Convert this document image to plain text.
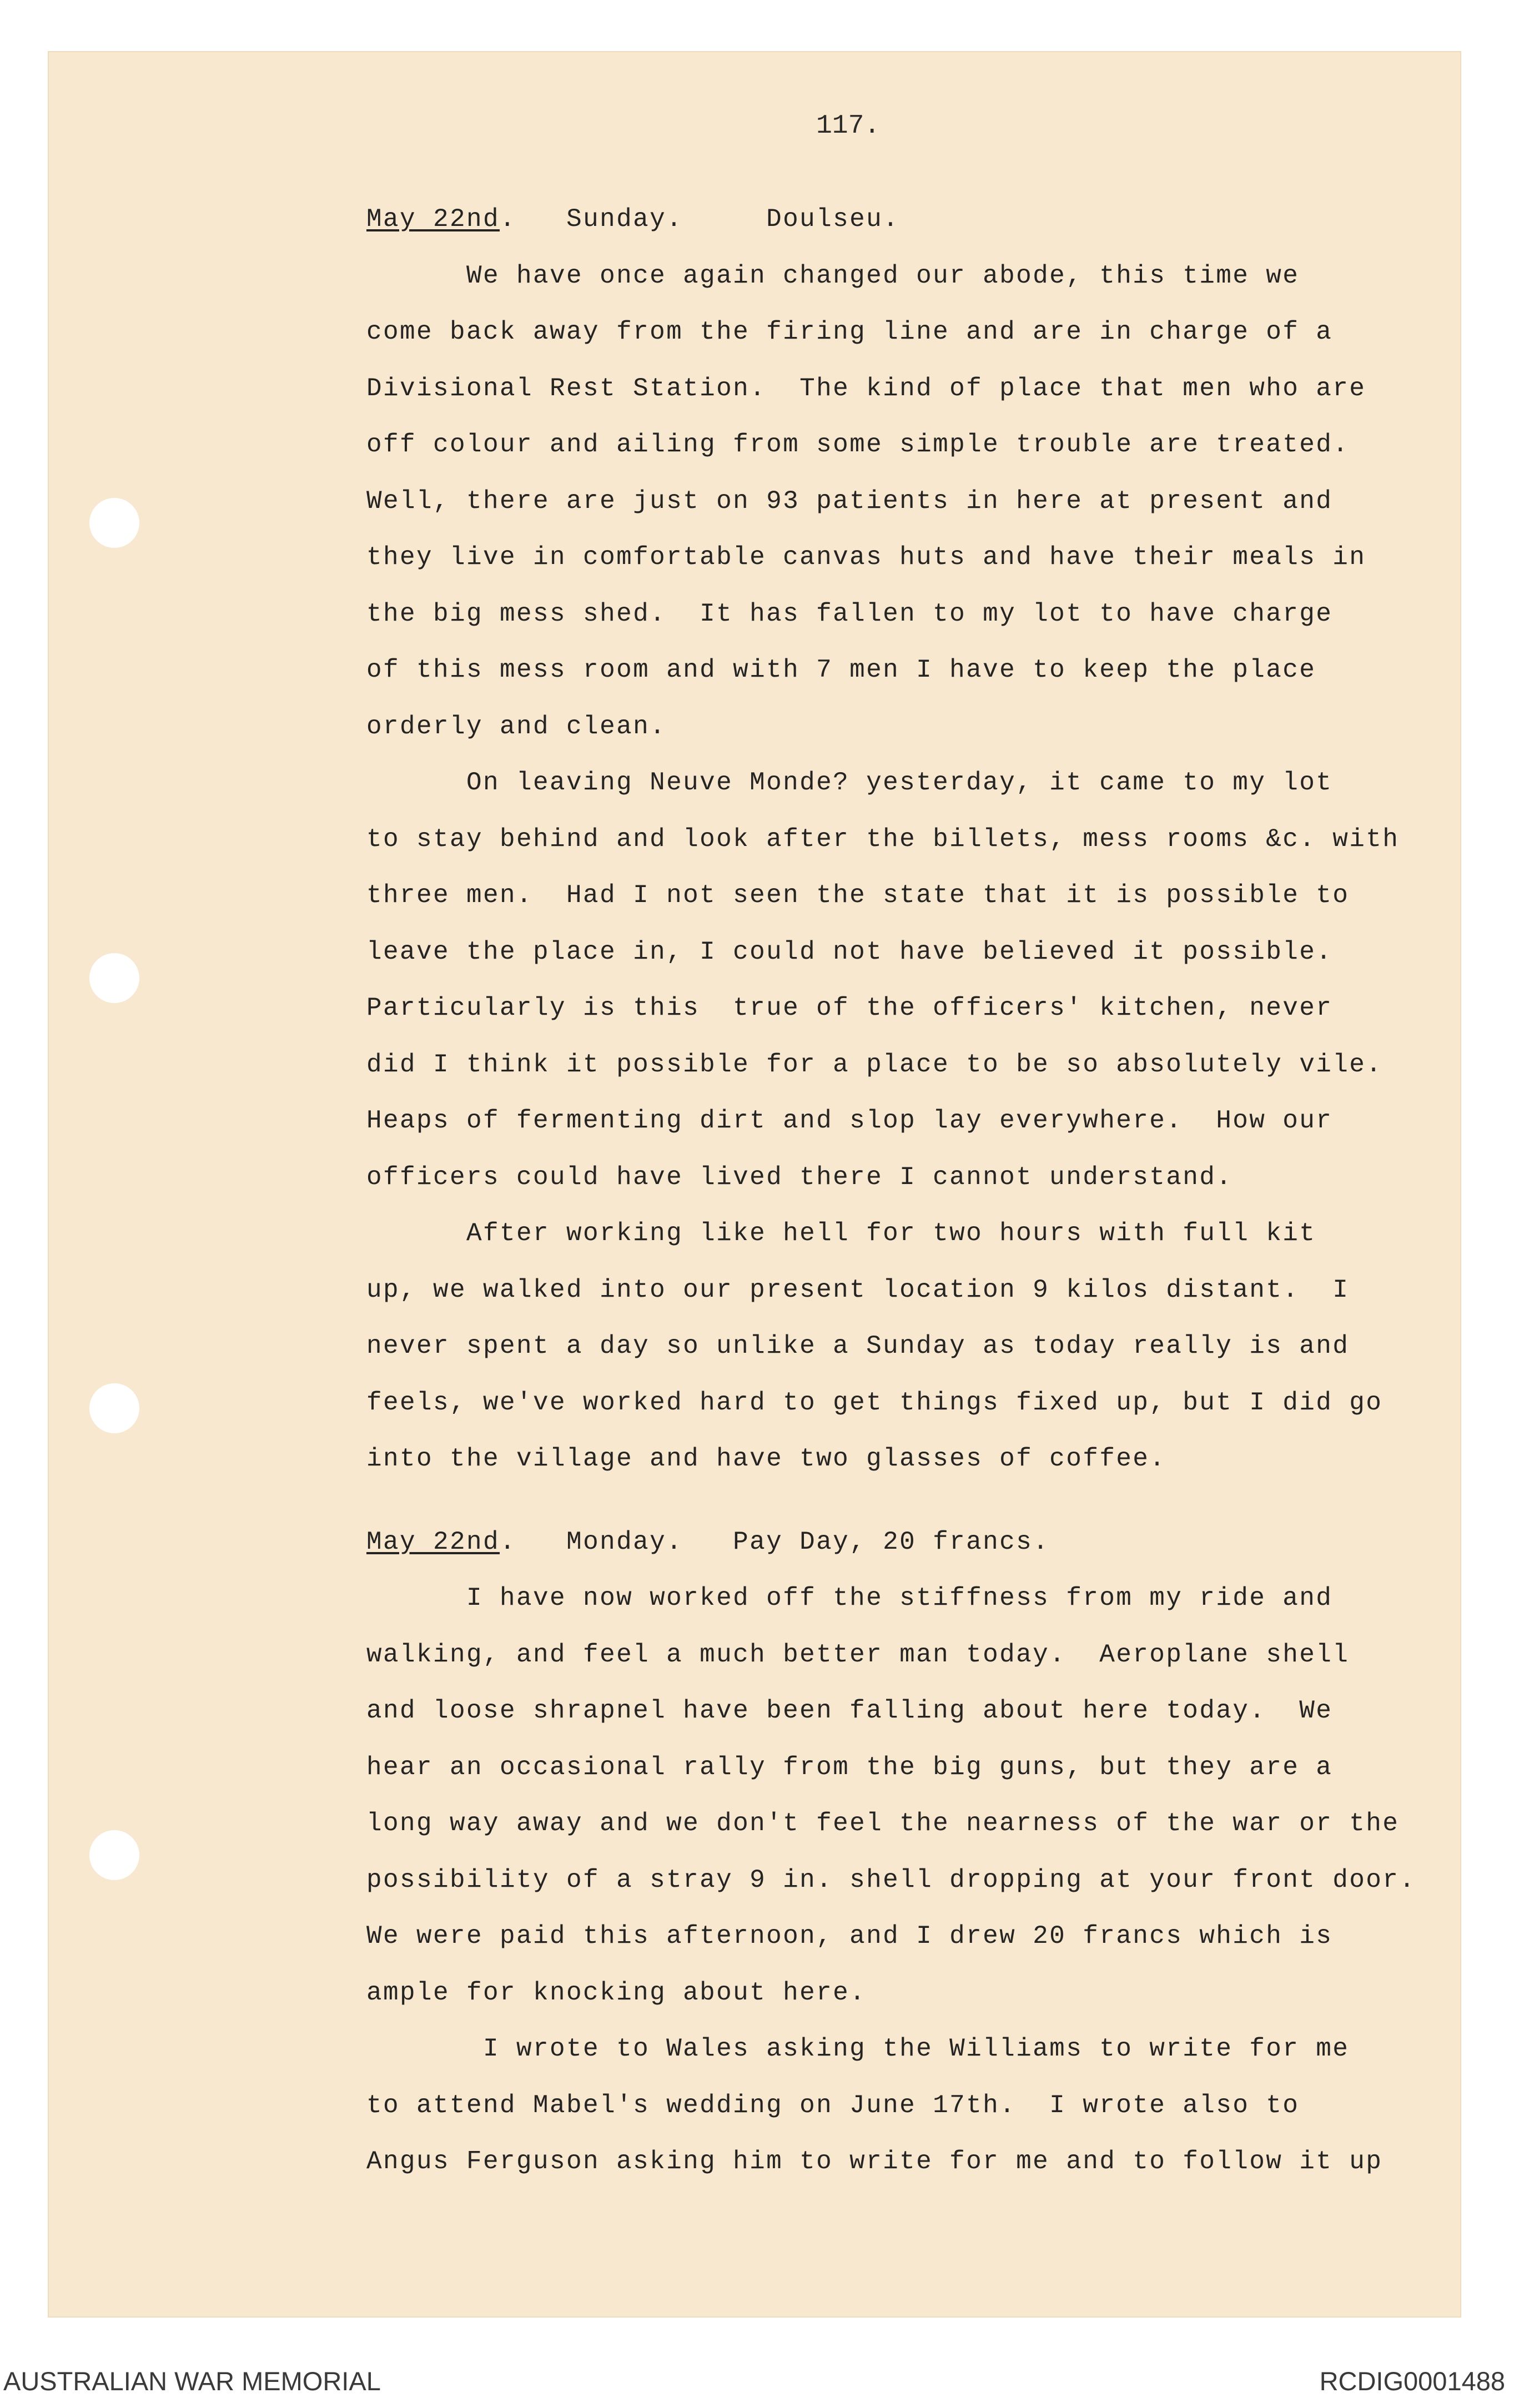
117.
May 22nd.   Sunday.     Doulseu.
We have once again changed our abode, this time we
come back away from the firing line and are in charge of a
Divisional Rest Station.  The kind of place that men who are
off colour and ailing from some simple trouble are treated.
Well, there are just on 93 patients in here at present and
they live in comfortable canvas huts and have their meals in
the big mess shed.  It has fallen to my lot to have charge
of this mess room and with 7 men I have to keep the place
orderly and clean.
On leaving Neuve Monde? yesterday, it came to my lot
to stay behind and look after the billets, mess rooms &c. with
three men.  Had I not seen the state that it is possible to
leave the place in, I could not have believed it possible.
Particularly is this  true of the officers' kitchen, never
did I think it possible for a place to be so absolutely vile.
Heaps of fermenting dirt and slop lay everywhere.  How our
officers could have lived there I cannot understand.
After working like hell for two hours with full kit
up, we walked into our present location 9 kilos distant.  I
never spent a day so unlike a Sunday as today really is and
feels, we've worked hard to get things fixed up, but I did go
into the village and have two glasses of coffee.
May 22nd.   Monday.   Pay Day, 20 francs.
I have now worked off the stiffness from my ride and
walking, and feel a much better man today.  Aeroplane shell
and loose shrapnel have been falling about here today.  We
hear an occasional rally from the big guns, but they are a
long way away and we don't feel the nearness of the war or the
possibility of a stray 9 in. shell dropping at your front door.
We were paid this afternoon, and I drew 20 francs which is
ample for knocking about here.
I wrote to Wales asking the Williams to write for me
to attend Mabel's wedding on June 17th.  I wrote also to
Angus Ferguson asking him to write for me and to follow it up
AUSTRALIAN WAR MEMORIAL	RCDIG0001488
